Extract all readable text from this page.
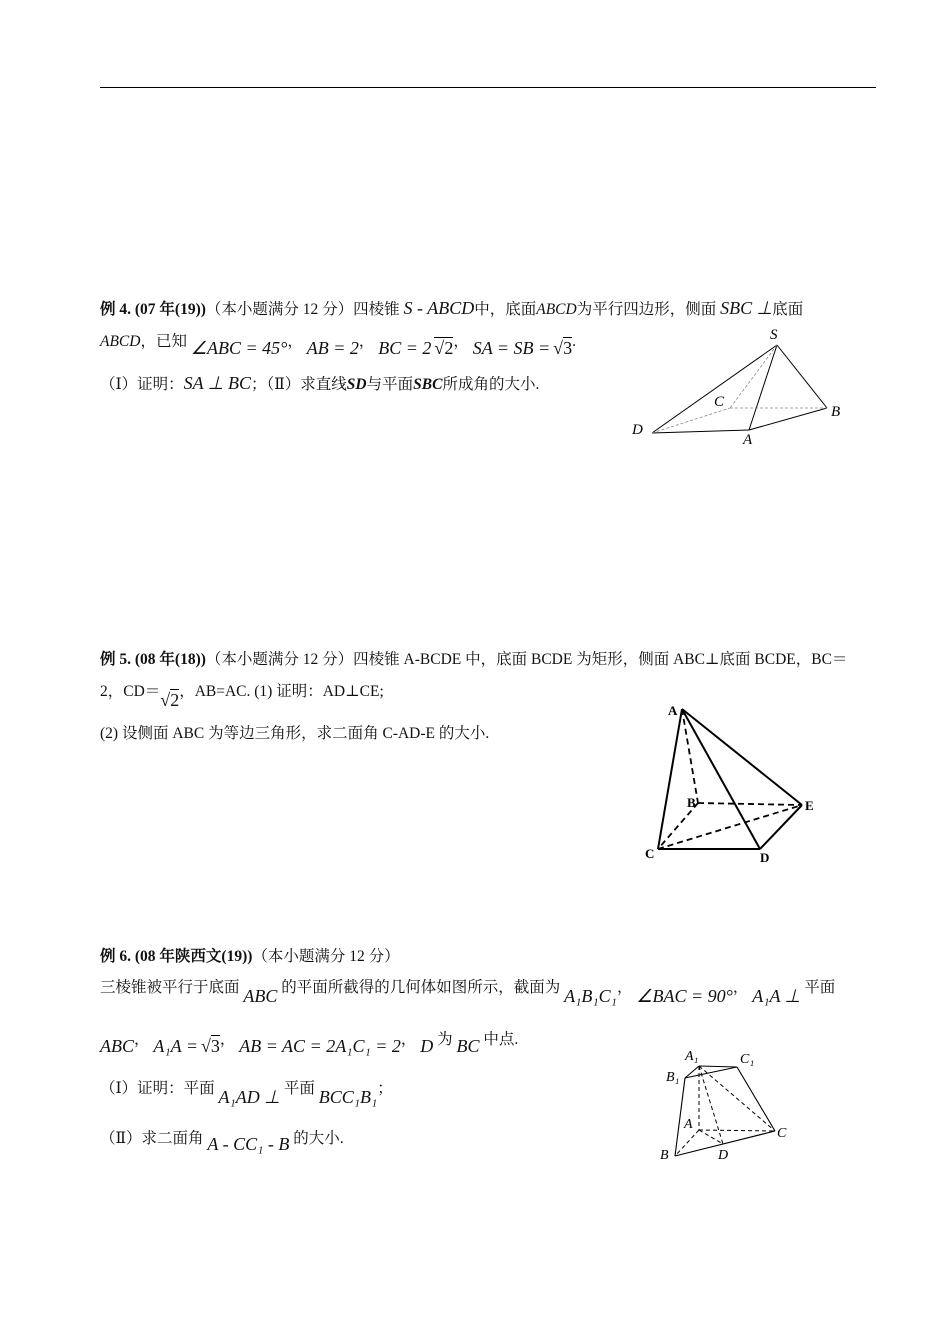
例 4. (07 年(19))（本小题满分 12 分）四棱锥 S - ABCD中，底面ABCD为平行四边形，侧面 SBC ⊥底面
ABCD，已知 ∠ABC = 45°， AB = 2， BC = 2 √2， SA = SB = √3.
（Ⅰ）证明：SA ⊥ BC；（Ⅱ）求直线SD与平面SBC所成角的大小.
S
C
B
D
A
例 5. (08 年(18))（本小题满分 12 分）四棱锥 A-BCDE 中，底面 BCDE 为矩形，侧面 ABC⊥底面 BCDE，BC＝
2，CD＝√2，AB=AC. (1) 证明：AD⊥CE;
(2) 设侧面 ABC 为等边三角形，求二面角 C-AD-E 的大小.
A
B	E
C	D
例 6. (08 年陕西文(19))（本小题满分 12 分）
三棱锥被平行于底面 ABC 的平面所截得的几何体如图所示，截面为 A₁B₁C₁， ∠BAC = 90°， A₁A ⊥ 平面
ABC， A₁A = √3， AB = AC = 2A₁C₁ = 2， D 为 BC 中点.
（Ⅰ）证明：平面 A₁AD ⊥ 平面 BCC₁B₁；
（Ⅱ）求二面角 A - CC₁ - B 的大小.
A₁	C₁
B₁
A
C
B	D
